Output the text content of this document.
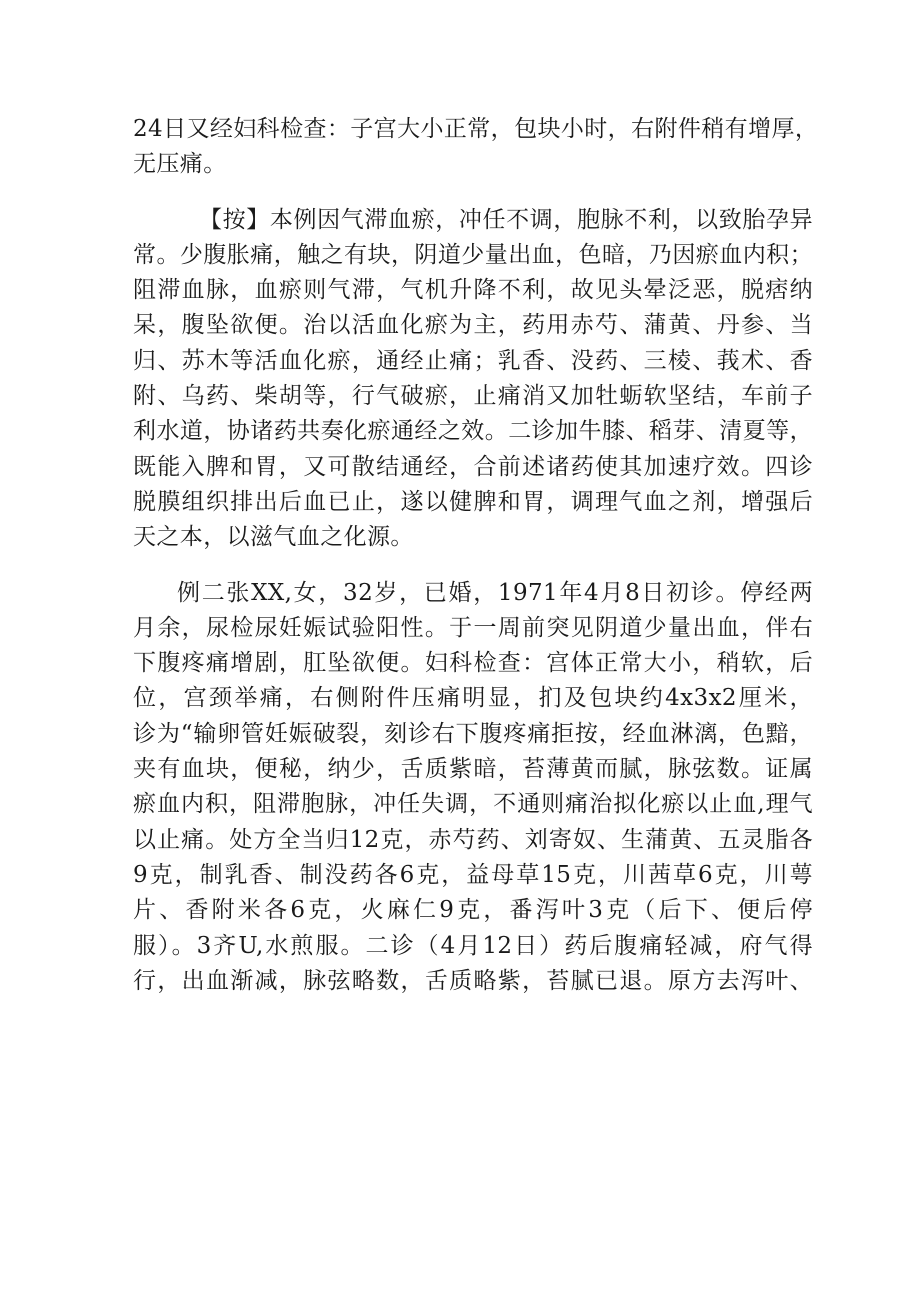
24日又经妇科检查：子宫大小正常，包块小时，右附件稍有增厚，
无压痛。
【按】本例因气滞血瘀，冲任不调，胞脉不利，以致胎孕异
常。少腹胀痛，触之有块，阴道少量出血，色暗，乃因瘀血内积；
阻滞血脉，血瘀则气滞，气机升降不利，故见头晕泛恶，脱痞纳
呆，腹坠欲便。治以活血化瘀为主，药用赤芍、蒲黄、丹参、当
归、苏木等活血化瘀，通经止痛；乳香、没药、三棱、莪术、香
附、乌药、柴胡等，行气破瘀，止痛消又加牡蛎软坚结，车前子
利水道，协诸药共奏化瘀通经之效。二诊加牛膝、稻芽、清夏等，
既能入脾和胃，又可散结通经，合前述诸药使其加速疗效。四诊
脱膜组织排出后血已止，遂以健脾和胃，调理气血之剂，增强后
天之本，以滋气血之化源。
例二张XX,女，32岁，已婚，1971年4月8日初诊。停经两
月余，尿检尿妊娠试验阳性。于一周前突见阴道少量出血，伴右
下腹疼痛增剧，肛坠欲便。妇科检查：宫体正常大小，稍软，后
位，宫颈举痛，右侧附件压痛明显，扪及包块约4x3x2厘米，
诊为“输卵管妊娠破裂，刻诊右下腹疼痛拒按，经血淋漓，色黯，
夹有血块，便秘，纳少，舌质紫暗，苔薄黄而腻，脉弦数。证属
瘀血内积，阻滞胞脉，冲任失调，不通则痛治拟化瘀以止血,理气
以止痛。处方全当归12克，赤芍药、刘寄奴、生蒲黄、五灵脂各
9克，制乳香、制没药各6克，益母草15克，川茜草6克，川萼
片、香附米各6克，火麻仁9克，番泻叶3克（后下、便后停
服）。3齐U,水煎服。二诊（4月12日）药后腹痛轻减，府气得
行，出血渐减，脉弦略数，舌质略紫，苔腻已退。原方去泻叶、
